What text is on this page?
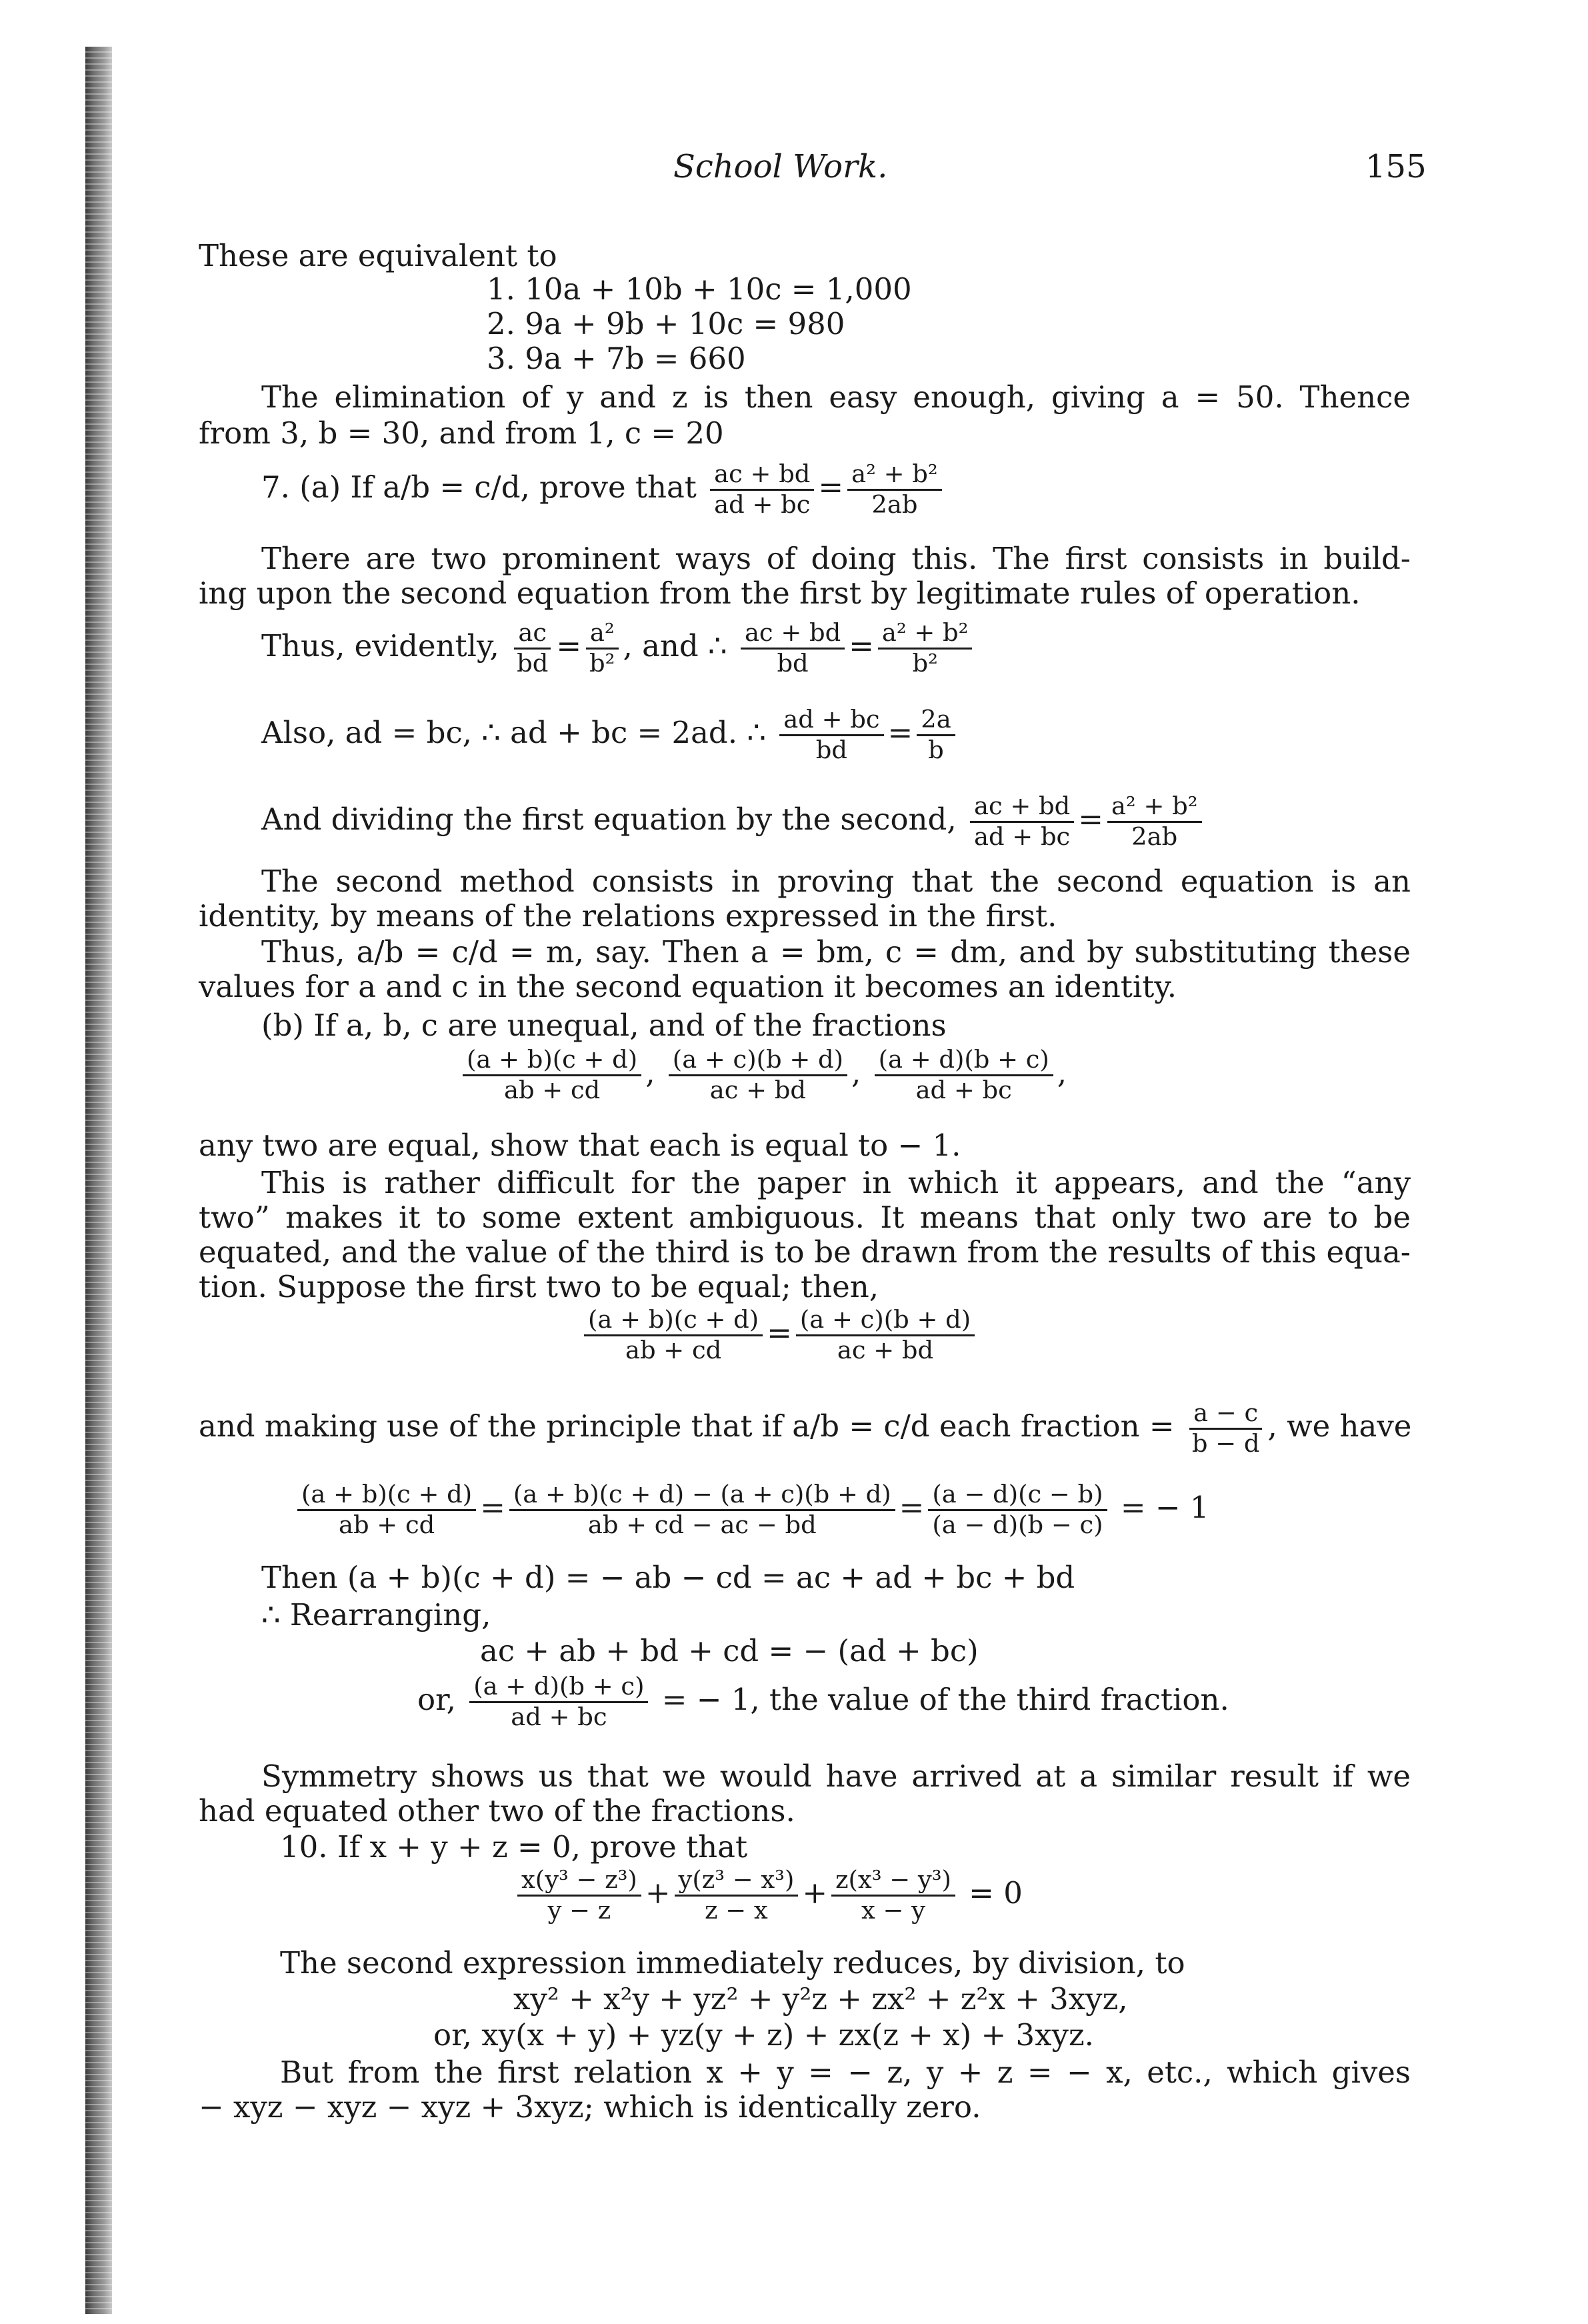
School Work.	155
These are equivalent to
1. 10a + 10b + 10c = 1,000
2. 9a + 9b + 10c = 980
3. 9a + 7b = 660
The elimination of y and z is then easy enough, giving a = 50. Thence
from 3, b = 30, and from 1, c = 20
7. (a) If a/b = c/d, prove that $\frac{ac + bd}{ad + bc} = \frac{\text{a² + b²}}{2ab}$
There are two prominent ways of doing this. The first consists in build-
ing upon the second equation from the first by legitimate rules of operation.
Thus, evidently, $\frac{ac}{bd} = \frac{\text{a²}}{\text{b²}}$ , and ∴ $\frac{ac + bd}{bd} = \frac{\text{a² + b²}}{\text{b²}}$
Also, ad = bc, ∴ ad + bc = 2ad. ∴ $\frac{ad + bc}{bd} = \frac{2a}{b}$
And dividing the first equation by the second, $\frac{ac + bd}{ad + bc} = \frac{\text{a² + b²}}{2ab}$
The second method consists in proving that the second equation is an
identity, by means of the relations expressed in the first.
Thus, a/b = c/d = m, say. Then a = bm, c = dm, and by substituting these
values for a and c in the second equation it becomes an identity.
(b) If a, b, c are unequal, and of the fractions
$\frac{(a + b)(c + d)}{ab + cd}$ , $\frac{(a + c)(b + d)}{ac + bd}$ , $\frac{(a + d)(b + c)}{ad + bc}$ ,
any two are equal, show that each is equal to − 1.
This is rather difficult for the paper in which it appears, and the “any
two” makes it to some extent ambiguous. It means that only two are to be
equated, and the value of the third is to be drawn from the results of this equa-
tion. Suppose the first two to be equal; then,
$\frac{(a + b)(c + d)}{ab + cd} = \frac{(a + c)(b + d)}{ac + bd}$
and making use of the principle that if a/b = c/d each fraction = $\frac{a - c}{b - d}$ , we have
$\frac{(a + b)(c + d)}{ab + cd} = \frac{(a + b)(c + d) - (a + c)(b + d)}{ab + cd - ac - bd} = \frac{(a - d)(c - b)}{(a - d)(b - c)}$ = − 1
Then (a + b)(c + d) = − ab − cd = ac + ad + bc + bd
∴ Rearranging,
ac + ab + bd + cd = − (ad + bc)
or, $\frac{(a + d)(b + c)}{ad + bc}$ = − 1, the value of the third fraction.
Symmetry shows us that we would have arrived at a similar result if we
had equated other two of the fractions.
10. If x + y + z = 0, prove that
$\frac{\text{x(y³ − z³)}}{y - z} + \frac{\text{y(z³ − x³)}}{z - x} + \frac{\text{z(x³ − y³)}}{x - y} = 0$
The second expression immediately reduces, by division, to
xy² + x²y + yz² + y²z + zx² + z²x + 3xyz,
or, xy(x + y) + yz(y + z) + zx(z + x) + 3xyz.
But from the first relation x + y = − z, y + z = − x, etc., which gives
− xyz − xyz − xyz + 3xyz; which is identically zero.
